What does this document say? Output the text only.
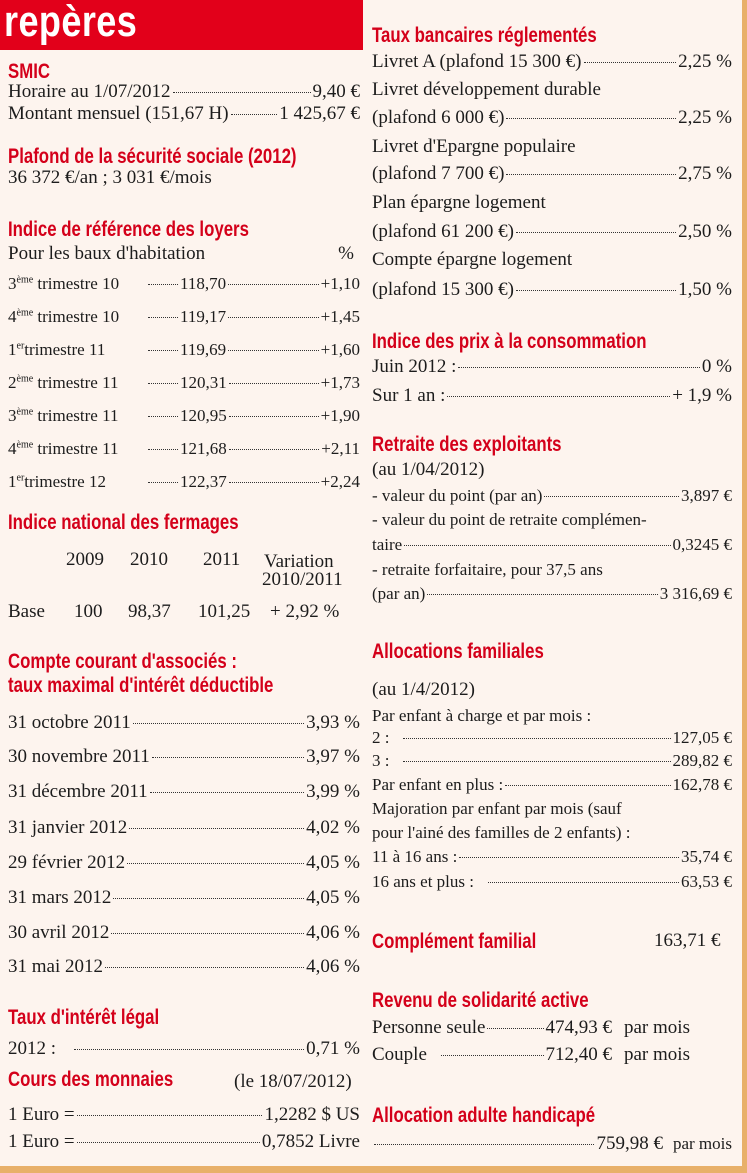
repères
SMIC
Horaire au 1/07/2012	9,40 €
Montant mensuel (151,67 H)	1 425,67 €
Plafond de la sécurité sociale (2012)
36 372 €/an ; 3 031 €/mois
Indice de référence des loyers
Pour les baux d'habitation	%
3ème trimestre 10	118,70	+1,10
4ème trimestre 10	119,17	+1,45
1ertrimestre 11	119,69	+1,60
2ème trimestre 11	120,31	+1,73
3ème trimestre 11	120,95	+1,90
4ème trimestre 11	121,68	+2,11
1ertrimestre 12	122,37	+2,24
Indice national des fermages
2009 2010 2011 Variation
2010/2011
Base 100 98,37 101,25 + 2,92 %
Compte courant d'associés :
taux maximal d'intérêt déductible
31 octobre 2011	3,93 %
30 novembre 2011	3,97 %
31 décembre 2011	3,99 %
31 janvier 2012	4,02 %
29 février 2012	4,05 %
31 mars 2012	4,05 %
30 avril 2012	4,06 %
31 mai 2012	4,06 %
Taux d'intérêt légal
2012 :	0,71 %
Cours des monnaies	(le 18/07/2012)
1 Euro =	1,2282 $ US
1 Euro =	0,7852 Livre
Taux bancaires réglementés
Livret A (plafond 15 300 €)	2,25 %
Livret développement durable
(plafond 6 000 €)	2,25 %
Livret d'Epargne populaire
(plafond 7 700 €)	2,75 %
Plan épargne logement
(plafond 61 200 €)	2,50 %
Compte épargne logement
(plafond 15 300 €)	1,50 %
Indice des prix à la consommation
Juin 2012 :	0 %
Sur 1 an :	+ 1,9 %
Retraite des exploitants
(au 1/04/2012)
- valeur du point (par an)	3,897 €
- valeur du point de retraite complémen-
taire	0,3245 €
- retraite forfaitaire, pour 37,5 ans
(par an)	3 316,69 €
Allocations familiales
(au 1/4/2012)
Par enfant à charge et par mois :
2 :	127,05 €
3 :	289,82 €
Par enfant en plus :	162,78 €
Majoration par enfant par mois (sauf
pour l'ainé des familles de 2 enfants) :
11 à 16 ans :	35,74 €
16 ans et plus :	63,53 €
Complément familial	163,71 €
Revenu de solidarité active
Personne seule	474,93 € par mois
Couple	712,40 € par mois
Allocation adulte handicapé
759,98 € par mois
